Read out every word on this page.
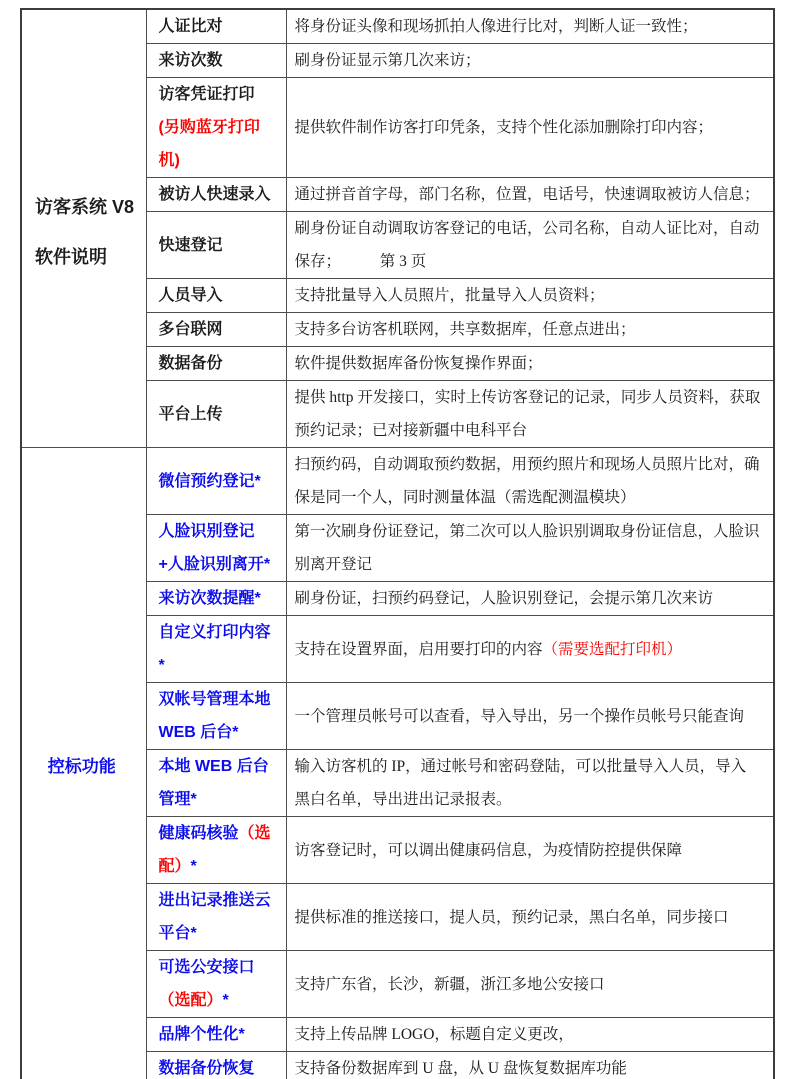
访客系统 V8
软件说明	人证比对	将身份证头像和现场抓拍人像进行比对，判断人证一致性；
	来访次数	刷身份证显示第几次来访；
	访客凭证打印(另购蓝牙打印机)	提供软件制作访客打印凭条，支持个性化添加删除打印内容；
	被访人快速录入	通过拼音首字母，部门名称，位置，电话号，快速调取被访人信息；
	快速登记	刷身份证自动调取访客登记的电话，公司名称，自动人证比对，自动保存；　　　第 3 页
	人员导入	支持批量导入人员照片，批量导入人员资料；
	多台联网	支持多台访客机联网，共享数据库，任意点进出；
	数据备份	软件提供数据库备份恢复操作界面；
	平台上传	提供 http 开发接口，实时上传访客登记的记录，同步人员资料，获取预约记录；已对接新疆中电科平台

控标功能	微信预约登记*	扫预约码，自动调取预约数据，用预约照片和现场人员照片比对，确保是同一个人，同时测量体温（需选配测温模块）
	人脸识别登记+人脸识别离开*	第一次刷身份证登记，第二次可以人脸识别调取身份证信息，人脸识别离开登记
	来访次数提醒*	刷身份证，扫预约码登记，人脸识别登记，会提示第几次来访
	自定义打印内容*	支持在设置界面，启用要打印的内容（需要选配打印机）
	双帐号管理本地 WEB 后台*	一个管理员帐号可以查看，导入导出，另一个操作员帐号只能查询
	本地 WEB 后台管理*	输入访客机的 IP，通过帐号和密码登陆，可以批量导入人员，导入黑白名单，导出进出记录报表。
	健康码核验（选配）*	访客登记时，可以调出健康码信息，为疫情防控提供保障
	进出记录推送云平台*	提供标准的推送接口，提人员，预约记录，黑白名单，同步接口
	可选公安接口（选配）*	支持广东省，长沙，新疆，浙江多地公安接口
	品牌个性化*	支持上传品牌 LOGO，标题自定义更改，
	数据备份恢复	支持备份数据库到 U 盘，从 U 盘恢复数据库功能
